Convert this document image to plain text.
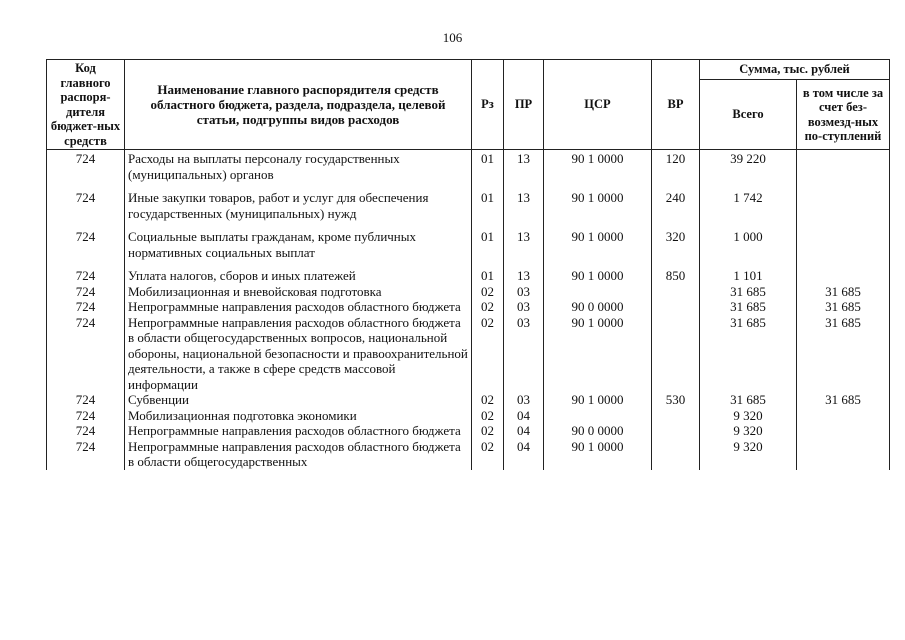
106
Код главного распоря-дителя бюджет-ных средств	Наименование главного распорядителя средств областного бюджета, раздела, подраздела, целевой статьи, подгруппы видов расходов	Рз	ПР	ЦСР	ВР	Сумма, тыс. рублей	
						Всего	в том числе за счет без-возмезд-ных по-ступлений
724	Расходы на выплаты персоналу государственных (муниципальных) органов	01	13	90 1 0000	120	39 220	
724	Иные закупки товаров, работ и услуг для обеспечения государственных (муниципальных) нужд	01	13	90 1 0000	240	1 742	
724	Социальные выплаты гражданам, кроме публичных нормативных социальных выплат	01	13	90 1 0000	320	1 000	
724	Уплата налогов, сборов и иных платежей	01	13	90 1 0000	850	1 101	
724	Мобилизационная и вневойсковая подготовка	02	03			31 685	31 685
724	Непрограммные направления расходов областного бюджета	02	03	90 0 0000		31 685	31 685
724	Непрограммные направления расходов областного бюджета в области общегосударственных вопросов, национальной обороны, национальной безопасности и правоохранительной деятельности, а также в сфере средств массовой информации	02	03	90 1 0000		31 685	31 685
724	Субвенции	02	03	90 1 0000	530	31 685	31 685
724	Мобилизационная подготовка экономики	02	04			9 320	
724	Непрограммные направления расходов областного бюджета	02	04	90 0 0000		9 320	
724	Непрограммные направления расходов областного бюджета в области общегосударственных	02	04	90 1 0000		9 320	
